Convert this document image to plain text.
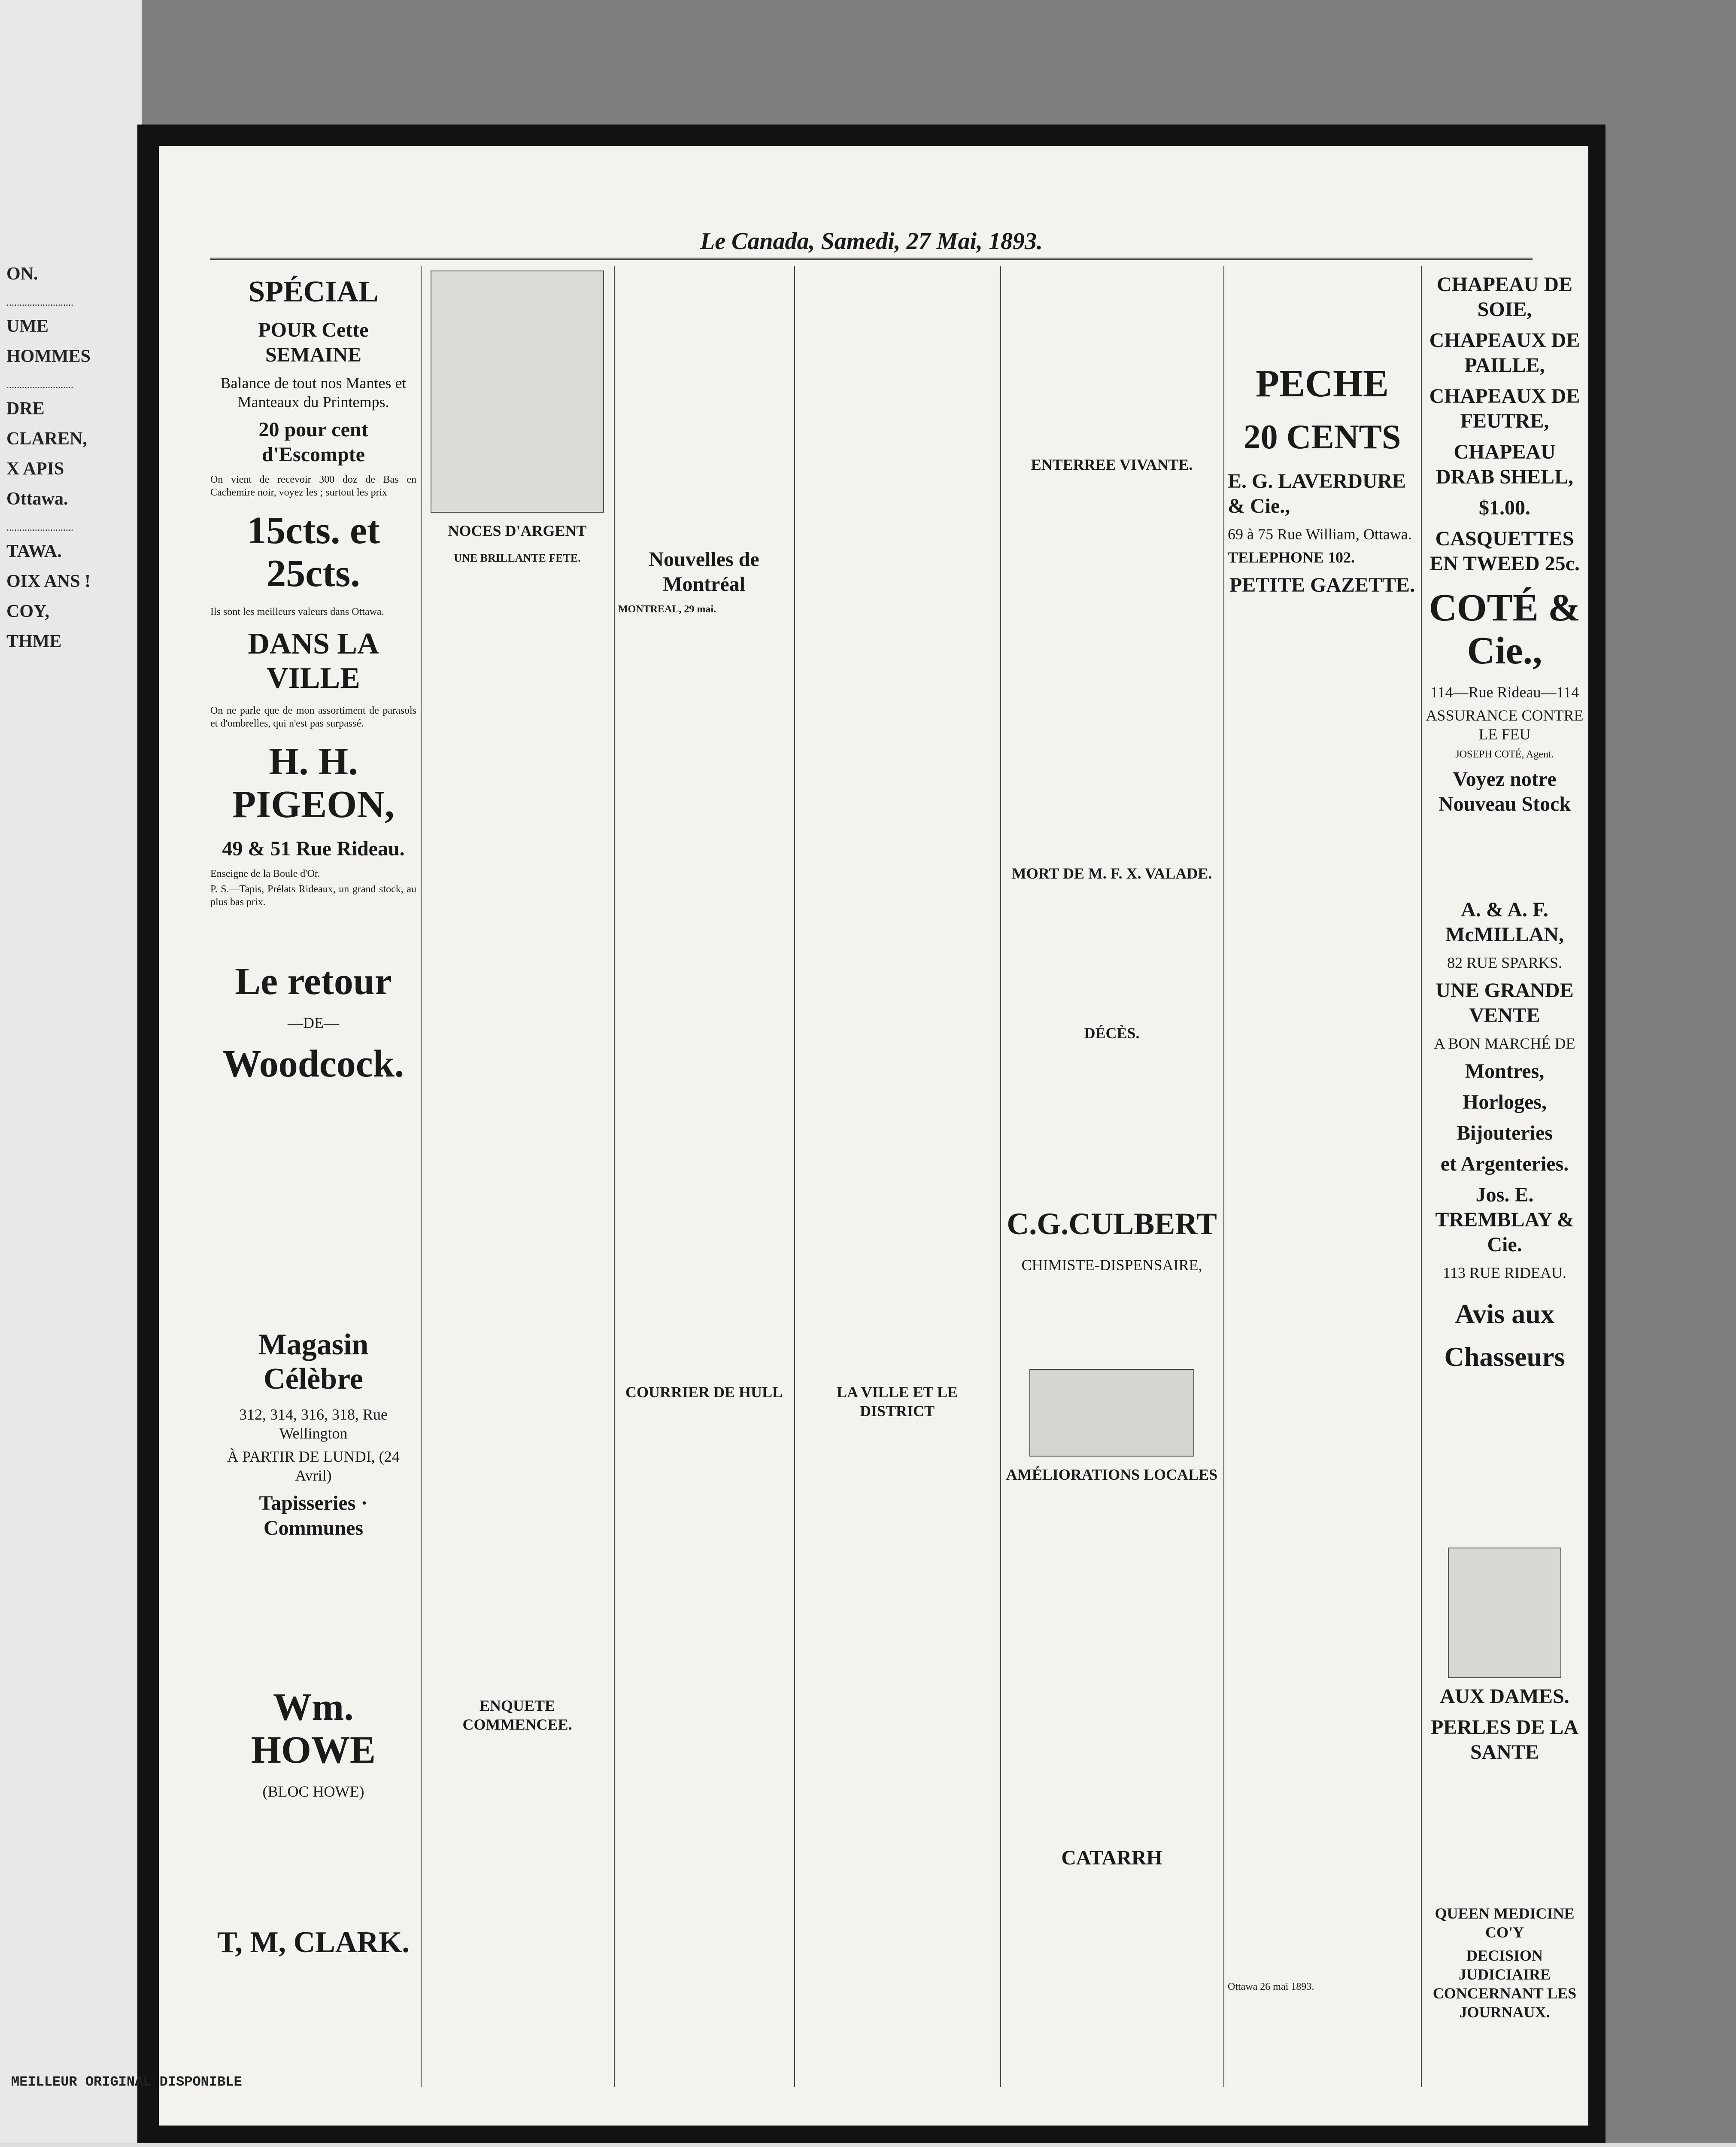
ON.
..........................
UME
HOMMES
..........................
DRE
CLAREN,
X APIS
Ottawa.
..........................
TAWA.
OIX ANS !
COY,
THME
Le Canada, Samedi, 27 Mai, 1893.
SPÉCIAL
POUR Cette SEMAINE
Balance de tout nos Mantes et Manteaux du Printemps.
20 pour cent d'Escompte
On vient de recevoir 300 doz de Bas en Cachemire noir, voyez les ; surtout les prix
15cts. et 25cts.
Ils sont les meilleurs valeurs dans Ottawa.
DANS LA VILLE
On ne parle que de mon assortiment de parasols et d'ombrelles, qui n'est pas surpassé.
H. H. PIGEON,
49 & 51 Rue Rideau.
Enseigne de la Boule d'Or.
P. S.—Tapis, Prélats Rideaux, un grand stock, au plus bas prix.
Le retour
—DE—
Woodcock.
Magasin Célèbre
312, 314, 316, 318, Rue Wellington
À PARTIR DE LUNDI, (24 Avril)
Tapisseries · Communes
Wm. HOWE
(BLOC HOWE)
T, M, CLARK.
NOCES D'ARGENT
UNE BRILLANTE FETE.
ENQUETE COMMENCEE.
Nouvelles de Montréal
MONTREAL, 29 mai.
COURRIER DE HULL	LA VILLE ET LE DISTRICT
ENTERREE VIVANTE.
MORT DE M. F. X. VALADE.
DÉCÈS.
C.G.CULBERT
CHIMISTE-DISPENSAIRE,
AMÉLIORATIONS LOCALES
CATARRH
PECHE
20 CENTS
E. G. LAVERDURE & Cie.,
69 à 75 Rue William, Ottawa.
TELEPHONE 102.
PETITE GAZETTE.
Ottawa 26 mai 1893.
CHAPEAU DE SOIE,
CHAPEAUX DE PAILLE,
CHAPEAUX DE FEUTRE,
CHAPEAU DRAB SHELL,
$1.00.
CASQUETTES EN TWEED 25c.
COTÉ & Cie.,
114—Rue Rideau—114
ASSURANCE CONTRE LE FEU
JOSEPH COTÉ, Agent.
Voyez notre Nouveau Stock
A. & A. F. McMILLAN,
82 RUE SPARKS.
UNE GRANDE VENTE
A BON MARCHÉ DE
Montres,
Horloges,
Bijouteries
et Argenteries.
Jos. E. TREMBLAY & Cie.
113 RUE RIDEAU.
Avis aux Chasseurs
AUX DAMES.
PERLES DE LA SANTE
QUEEN MEDICINE CO'Y
DECISION JUDICIAIRE CONCERNANT LES JOURNAUX.
MEILLEUR ORIGINAL DISPONIBLE
